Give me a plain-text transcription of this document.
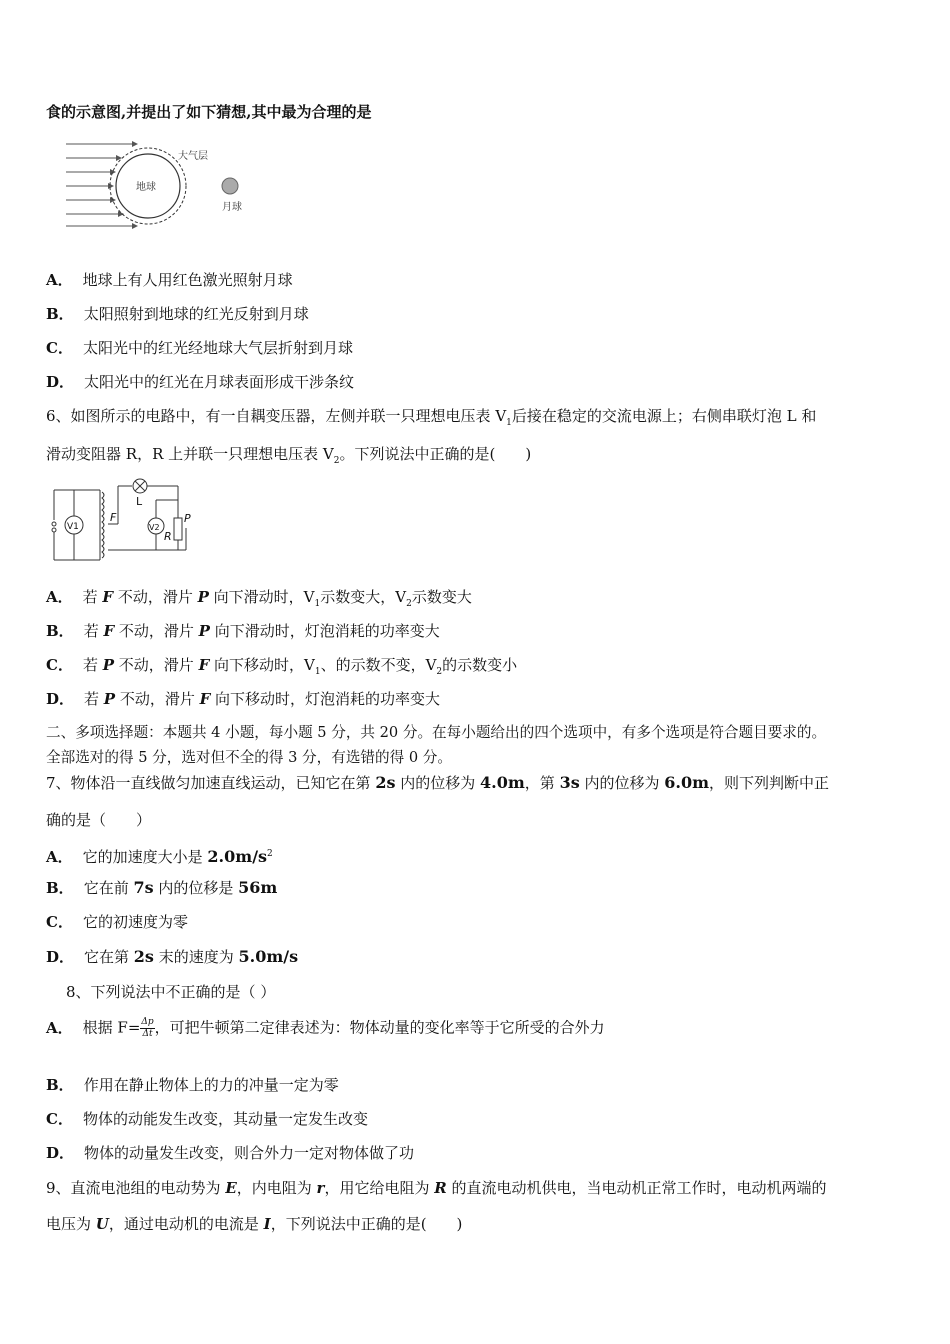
食的示意图,并提出了如下猜想,其中最为合理的是
地球
大气层
月球
A． 地球上有人用红色激光照射月球
B． 太阳照射到地球的红光反射到月球
C． 太阳光中的红光经地球大气层折射到月球
D． 太阳光中的红光在月球表面形成干涉条纹
6、如图所示的电路中，有一自耦变压器，左侧并联一只理想电压表 $V_1$后接在稳定的交流电源上；右侧串联灯泡 L 和
滑动变阻器 R，R 上并联一只理想电压表 $V_2$。下列说法中正确的是(　　)
V1	V2
F
L
P
R
A． 若 F 不动，滑片 P 向下滑动时，$V_1$示数变大，$V_2$示数变大
B． 若 F 不动，滑片 P 向下滑动时，灯泡消耗的功率变大
C． 若 P 不动，滑片 F 向下移动时，$V_1$、的示数不变，$V_2$的示数变小
D． 若 P 不动，滑片 F 向下移动时，灯泡消耗的功率变大
二、多项选择题：本题共 4 小题，每小题 5 分，共 20 分。在每小题给出的四个选项中，有多个选项是符合题目要求的。
全部选对的得 5 分，选对但不全的得 3 分，有选错的得 0 分。
7、物体沿一直线做匀加速直线运动，已知它在第 2s 内的位移为 4.0m，第 3s 内的位移为 6.0m，则下列判断中正
确的是（　　）
A． 它的加速度大小是 $2.0m/s^2$
B． 它在前 7s 内的位移是 56m
C． 它的初速度为零
D． 它在第 2s 末的速度为 5.0m/s
8、下列说法中不正确的是（ ）
A． 根据 $F= \frac{\Delta p}{\Delta t}$ ，可把牛顿第二定律表述为：物体动量的变化率等于它所受的合外力
B． 作用在静止物体上的力的冲量一定为零
C． 物体的动能发生改变，其动量一定发生改变
D． 物体的动量发生改变，则合外力一定对物体做了功
9、直流电池组的电动势为 E，内电阻为 r，用它给电阻为 R 的直流电动机供电，当电动机正常工作时，电动机两端的
电压为 U，通过电动机的电流是 I，下列说法中正确的是(　　)
